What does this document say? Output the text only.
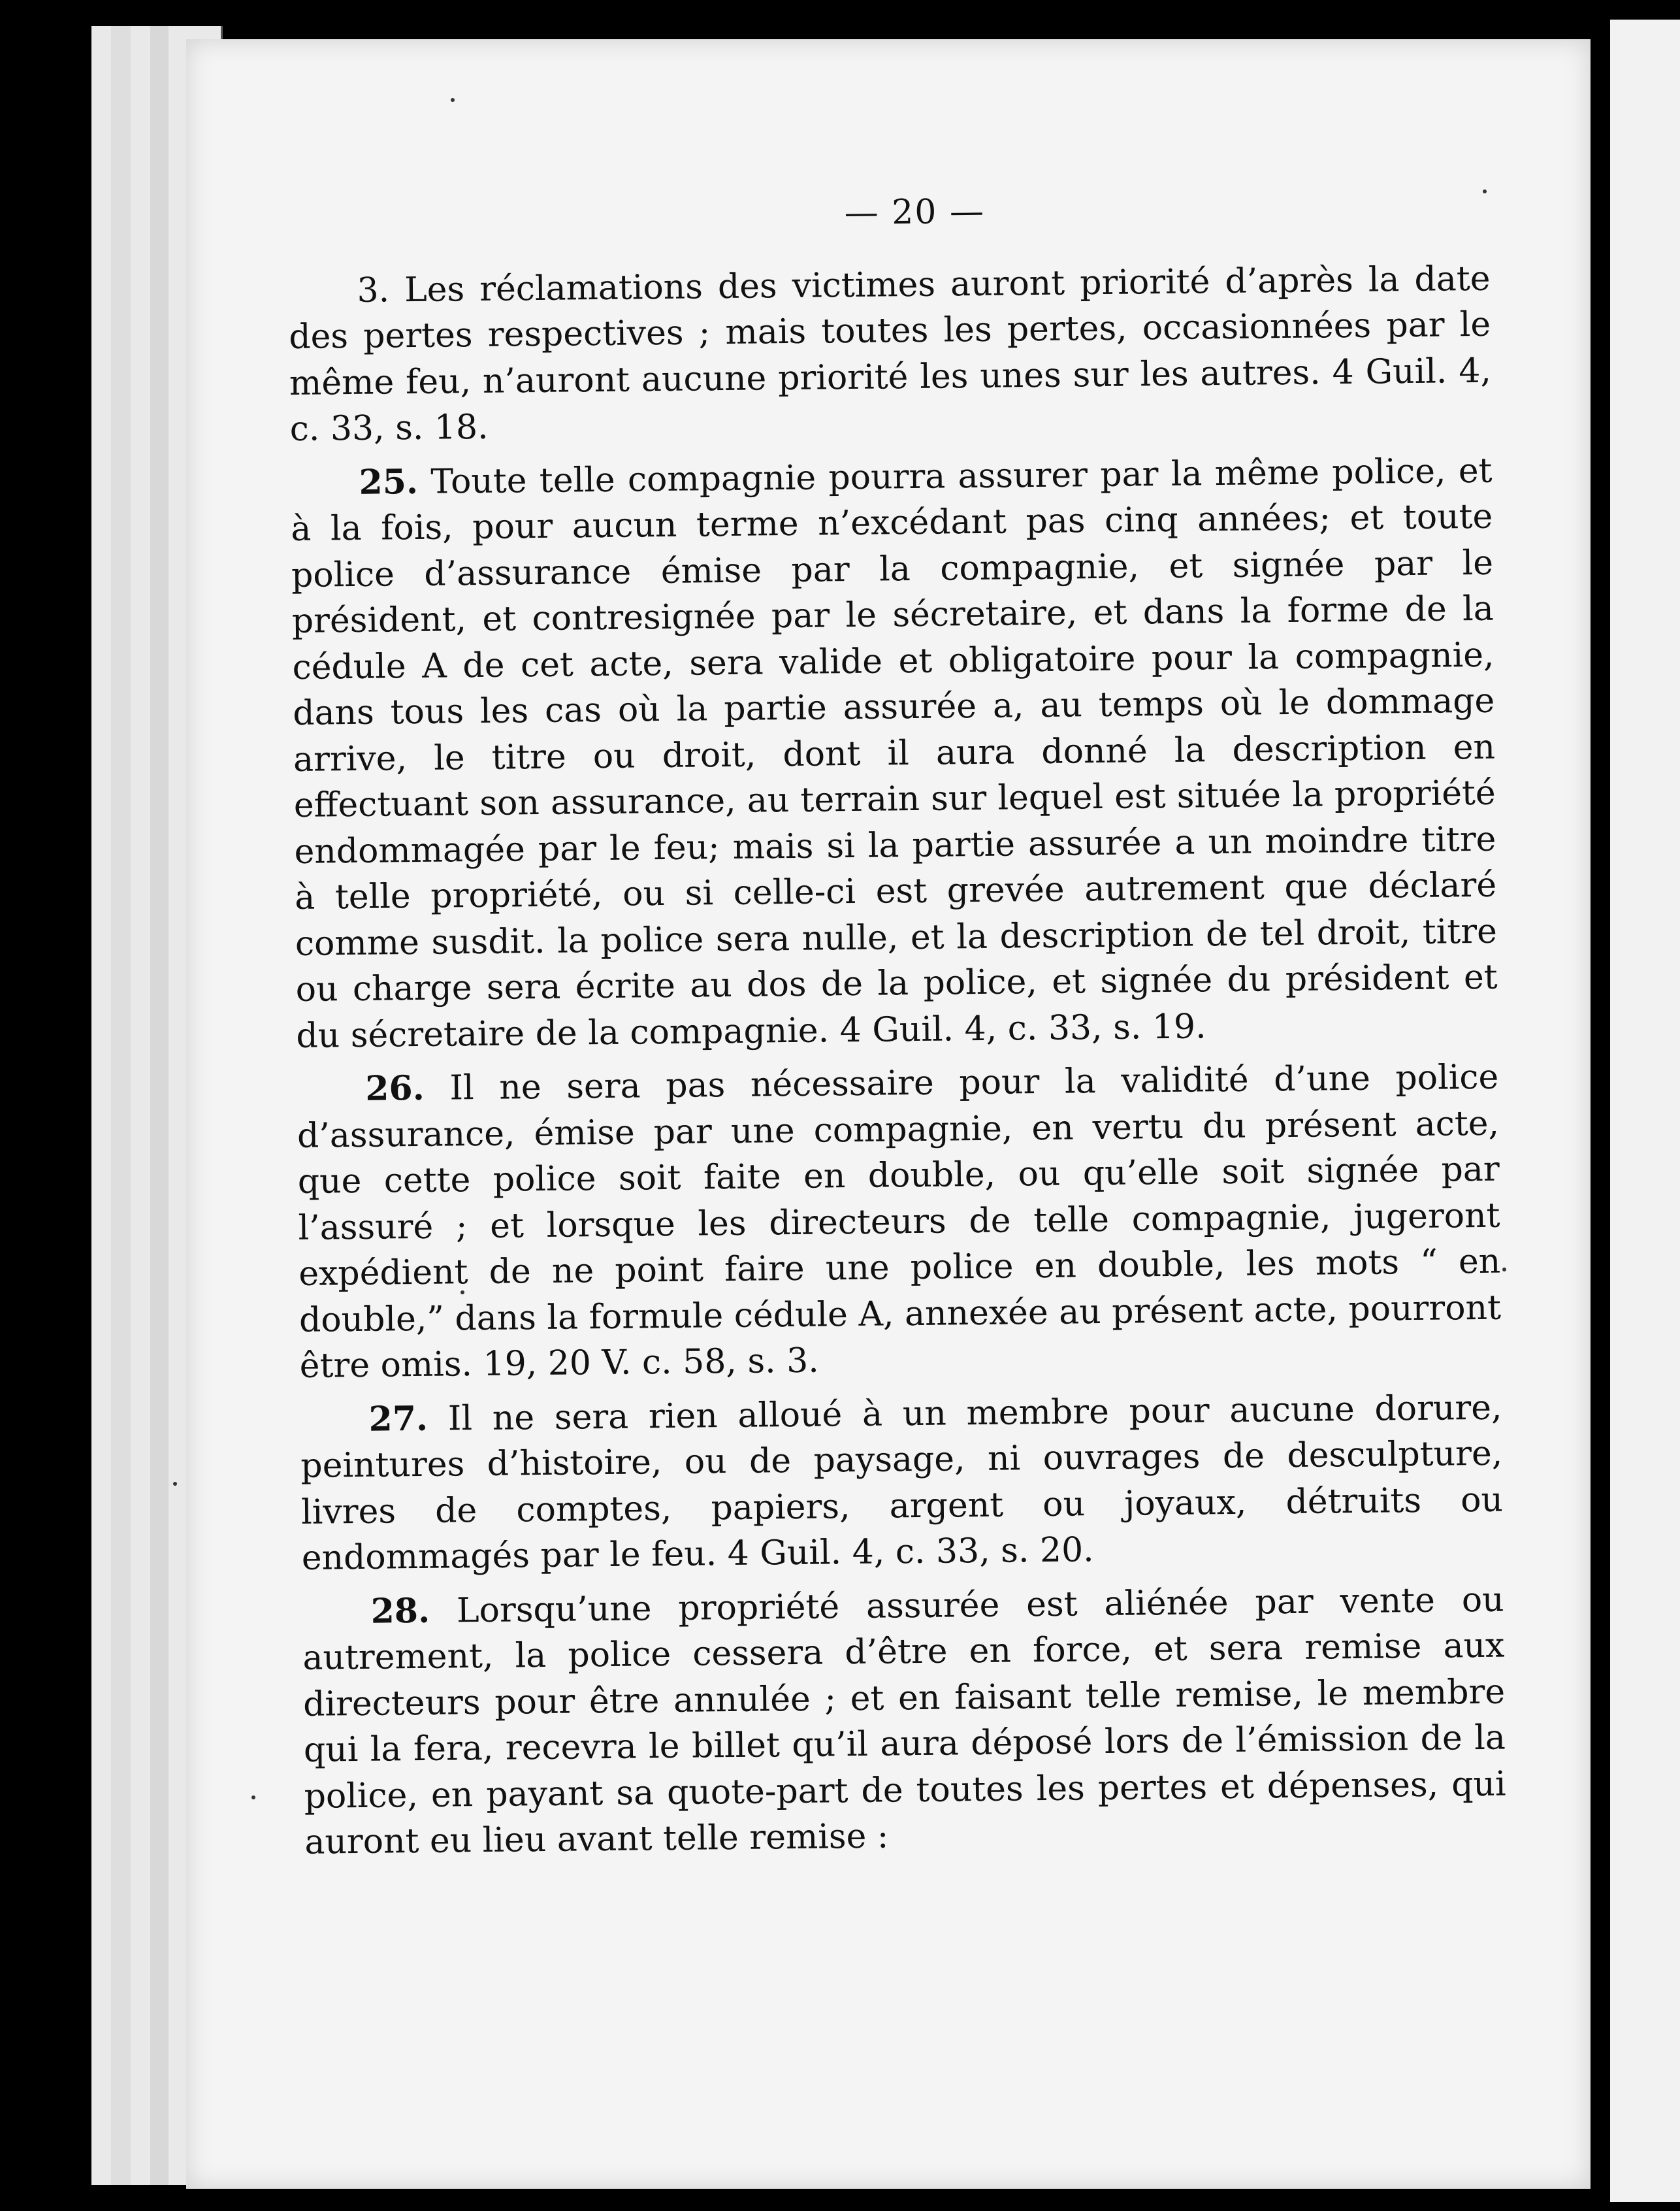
— 20 —

3. Les réclamations des victimes auront priorité d’après la date des pertes respectives ; mais toutes les pertes, occasionnées par le même feu, n’auront aucune priorité les unes sur les autres. 4 Guil. 4, c. 33, s. 18.

25. Toute telle compagnie pourra assurer par la même police, et à la fois, pour aucun terme n’excédant pas cinq années; et toute police d’assurance émise par la compagnie, et signée par le président, et contresignée par le sécretaire, et dans la forme de la cédule A de cet acte, sera valide et obligatoire pour la compagnie, dans tous les cas où la partie assurée a, au temps où le dommage arrive, le titre ou droit, dont il aura donné la description en effectuant son assurance, au terrain sur lequel est située la propriété endommagée par le feu; mais si la partie assurée a un moindre titre à telle propriété, ou si celle-ci est grevée autrement que déclaré comme susdit. la police sera nulle, et la description de tel droit, titre ou charge sera écrite au dos de la police, et signée du président et du sécretaire de la compagnie. 4 Guil. 4, c. 33, s. 19.

26. Il ne sera pas nécessaire pour la validité d’une police d’assurance, émise par une compagnie, en vertu du présent acte, que cette police soit faite en double, ou qu’elle soit signée par l’assuré ; et lorsque les directeurs de telle compagnie, jugeront expédient de ne point faire une police en double, les mots “ en double,” dans la formule cédule A, annexée au présent acte, pourront être omis. 19, 20 V. c. 58, s. 3.

27. Il ne sera rien alloué à un membre pour aucune dorure, peintures d’histoire, ou de paysage, ni ouvrages de desculpture, livres de comptes, papiers, argent ou joyaux, détruits ou endommagés par le feu. 4 Guil. 4, c. 33, s. 20.

28. Lorsqu’une propriété assurée est aliénée par vente ou autrement, la police cessera d’être en force, et sera remise aux directeurs pour être annulée ; et en faisant telle remise, le membre qui la fera, recevra le billet qu’il aura déposé lors de l’émission de la police, en payant sa quote-part de toutes les pertes et dépenses, qui auront eu lieu avant telle remise :
